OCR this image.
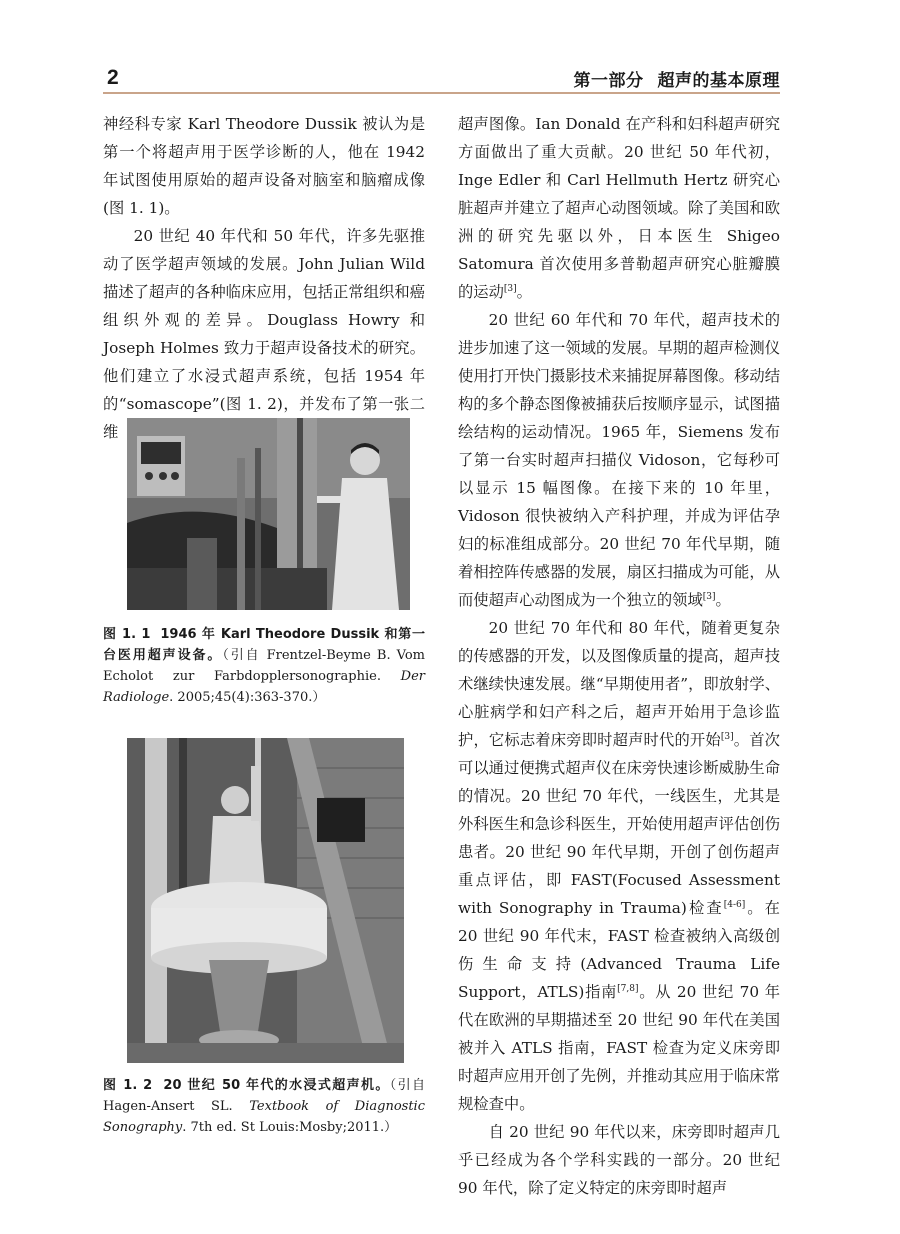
2	第一部分 超声的基本原理

神经科专家 Karl Theodore Dussik 被认为是第一个将超声用于医学诊断的人，他在 1942 年试图使用原始的超声设备对脑室和脑瘤成像(图 1. 1)。

20 世纪 40 年代和 50 年代，许多先驱推动了医学超声领域的发展。John Julian Wild 描述了超声的各种临床应用，包括正常组织和癌组织外观的差异。Douglass Howry 和 Joseph Holmes 致力于超声设备技术的研究。他们建立了水浸式超声系统，包括 1954 年的“somascope”(图 1. 2)，并发布了第一张二维

图 1. 1 1946 年 Karl Theodore Dussik 和第一台医用超声设备。（引自 Frentzel-Beyme B. Vom Echolot zur Farbdopplersonographie. Der Radiologe. 2005;45(4):363-370.）
图 1. 2 20 世纪 50 年代的水浸式超声机。（引自 Hagen-Ansert SL. Textbook of Diagnostic Sonography. 7th ed. St Louis:Mosby;2011.）

超声图像。Ian Donald 在产科和妇科超声研究方面做出了重大贡献。20 世纪 50 年代初，Inge Edler 和 Carl Hellmuth Hertz 研究心脏超声并建立了超声心动图领域。除了美国和欧洲的研究先驱以外，日本医生 Shigeo Satomura 首次使用多普勒超声研究心脏瓣膜的运动[3]。

20 世纪 60 年代和 70 年代，超声技术的进步加速了这一领域的发展。早期的超声检测仪使用打开快门摄影技术来捕捉屏幕图像。移动结构的多个静态图像被捕获后按顺序显示，试图描绘结构的运动情况。1965 年，Siemens 发布了第一台实时超声扫描仪 Vidoson，它每秒可以显示 15 幅图像。在接下来的 10 年里，Vidoson 很快被纳入产科护理，并成为评估孕妇的标准组成部分。20 世纪 70 年代早期，随着相控阵传感器的发展，扇区扫描成为可能，从而使超声心动图成为一个独立的领域[3]。

20 世纪 70 年代和 80 年代，随着更复杂的传感器的开发，以及图像质量的提高，超声技术继续快速发展。继“早期使用者”，即放射学、心脏病学和妇产科之后，超声开始用于急诊监护，它标志着床旁即时超声时代的开始[3]。首次可以通过便携式超声仪在床旁快速诊断威胁生命的情况。20 世纪 70 年代，一线医生，尤其是外科医生和急诊科医生，开始使用超声评估创伤患者。20 世纪 90 年代早期，开创了创伤超声重点评估，即 FAST(Focused Assessment with Sonography in Trauma)检查[4-6]。在 20 世纪 90 年代末，FAST 检查被纳入高级创伤生命支持(Advanced Trauma Life Support，ATLS)指南[7,8]。从 20 世纪 70 年代在欧洲的早期描述至 20 世纪 90 年代在美国被并入 ATLS 指南，FAST 检查为定义床旁即时超声应用开创了先例，并推动其应用于临床常规检查中。

自 20 世纪 90 年代以来，床旁即时超声几乎已经成为各个学科实践的一部分。20 世纪 90 年代，除了定义特定的床旁即时超声
